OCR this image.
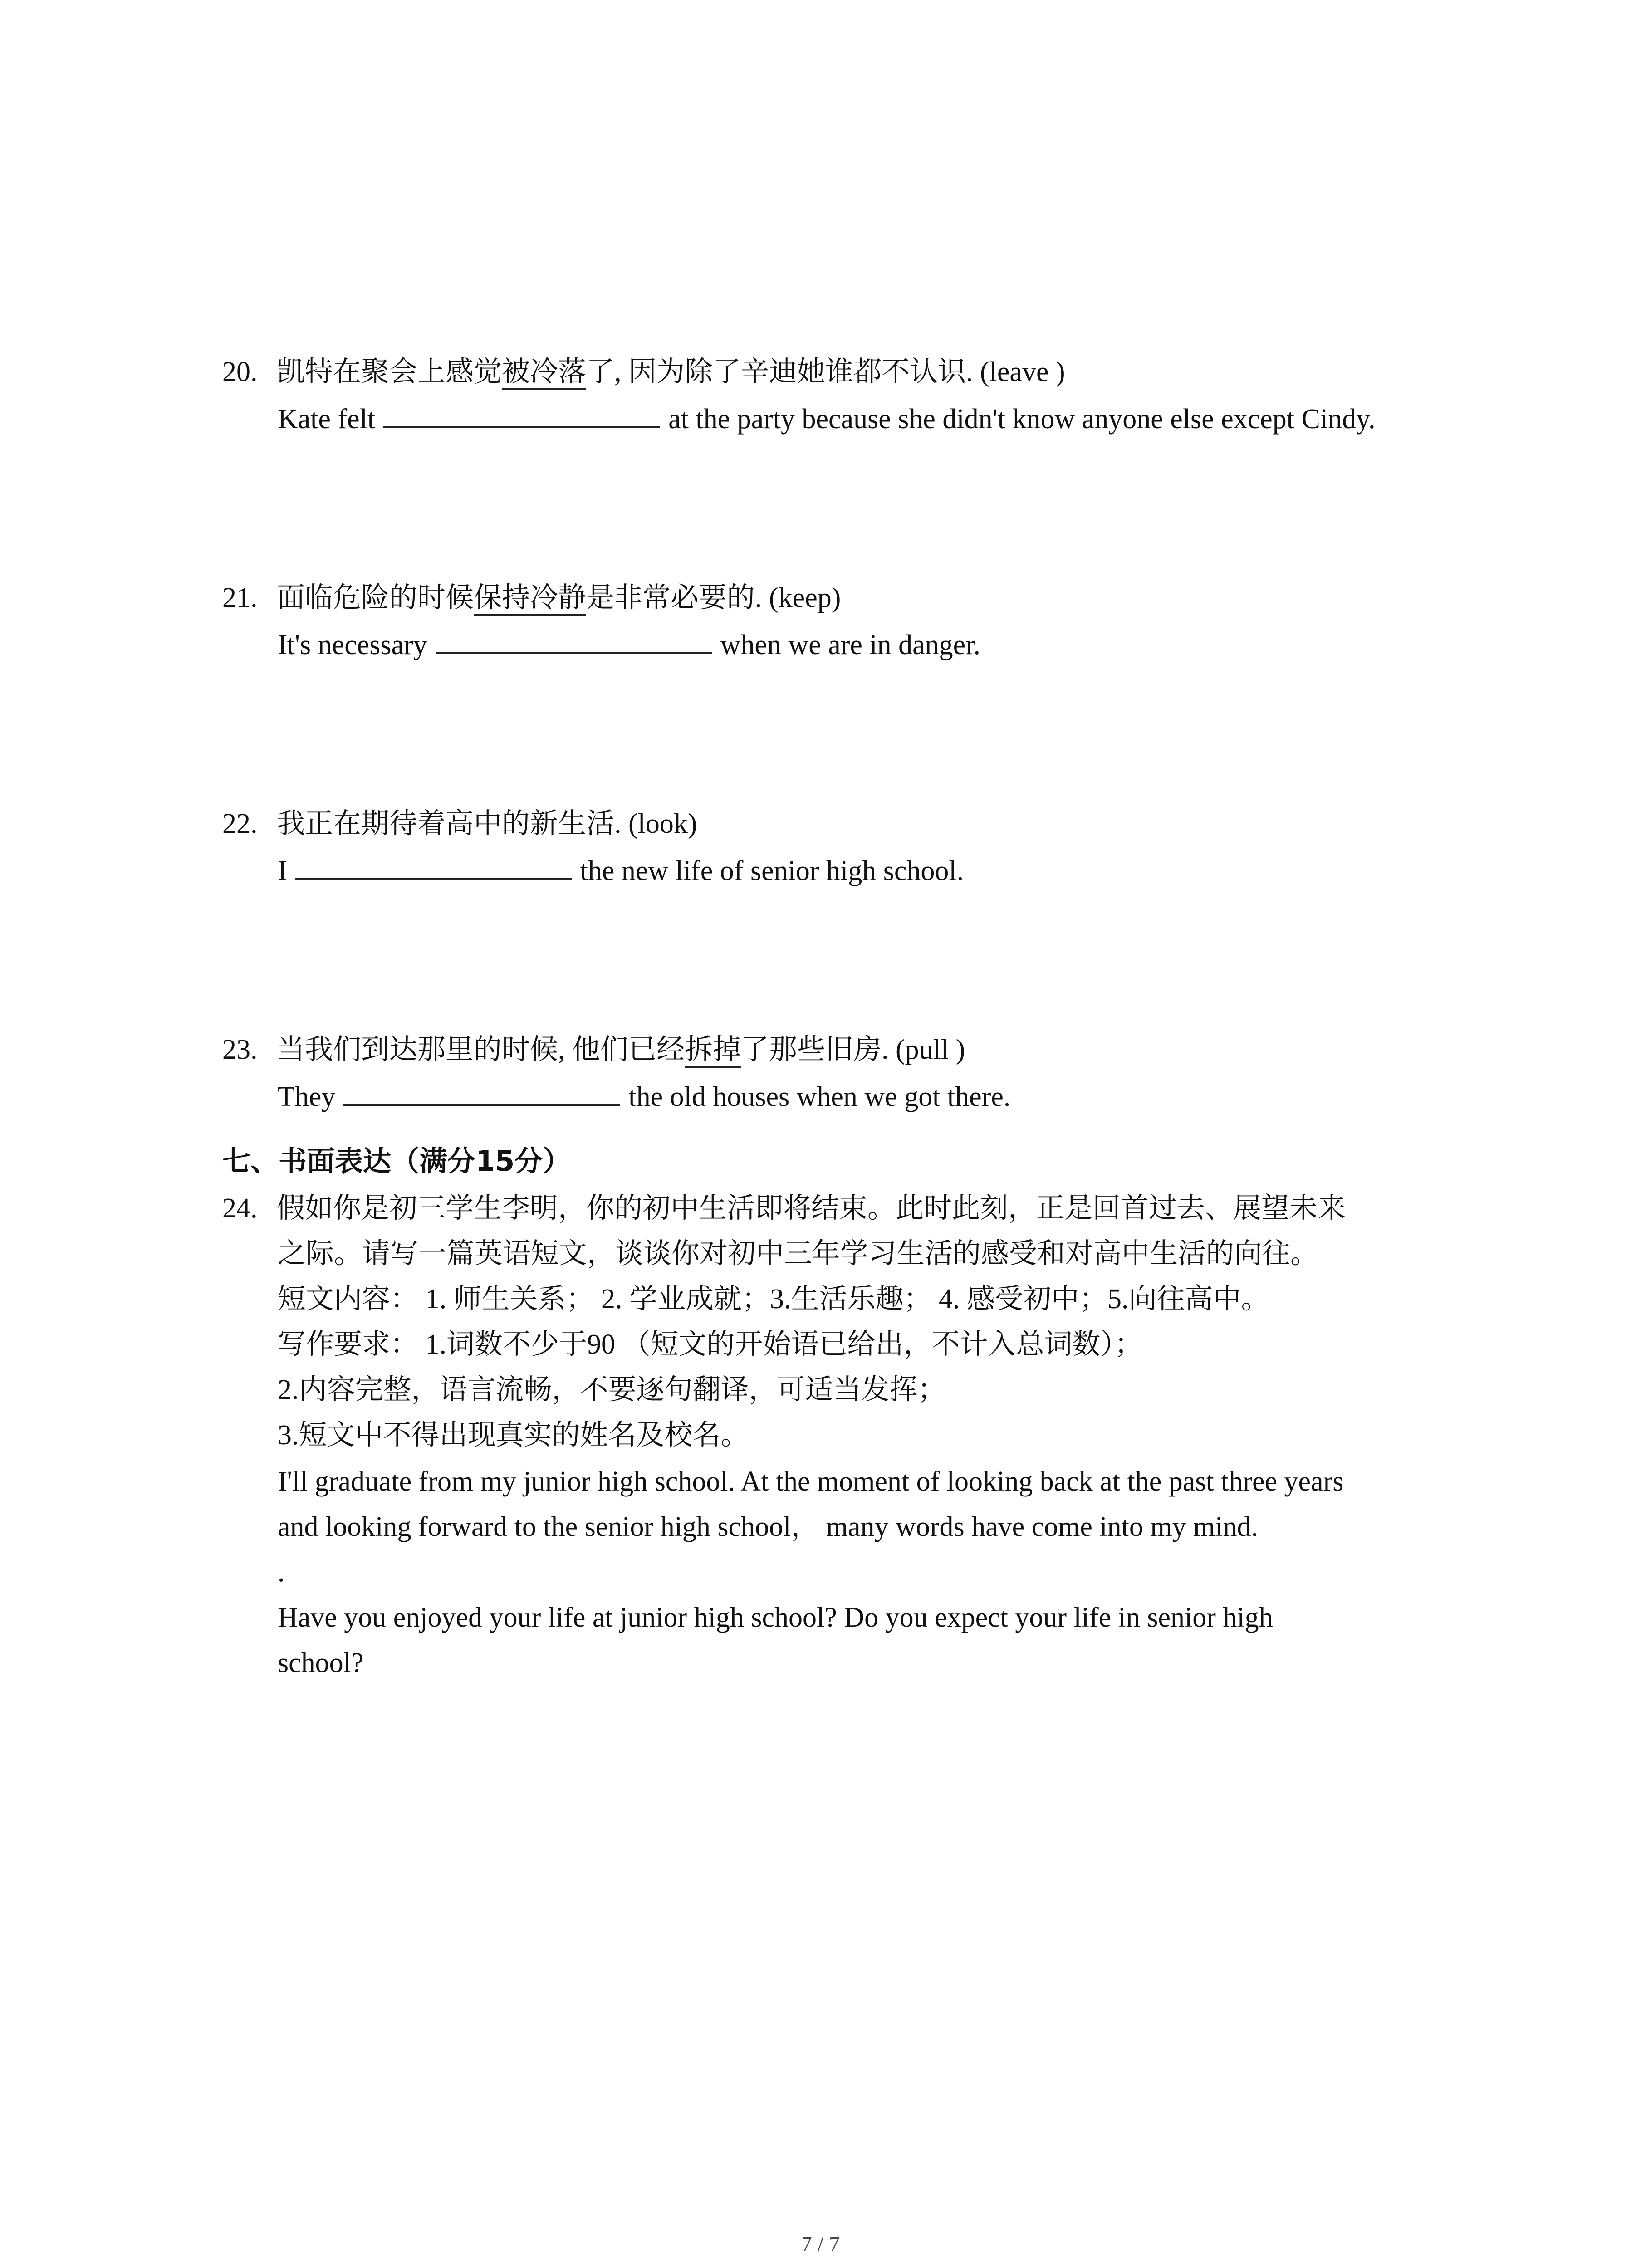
20. 凯特在聚会上感觉被冷落了, 因为除了辛迪她谁都不认识. (leave )
Kate felt	at the party because she didn't know anyone else except Cindy.
21. 面临危险的时候保持冷静是非常必要的. (keep)
It's necessary	when we are in danger.
22. 我正在期待着高中的新生活. (look)
I	the new life of senior high school.
23. 当我们到达那里的时候, 他们已经拆掉了那些旧房. (pull )
They	the old houses when we got there.
七、书面表达（满分15分）
24. 假如你是初三学生李明，你的初中生活即将结束。此时此刻，正是回首过去、展望未来
之际。请写一篇英语短文，谈谈你对初中三年学习生活的感受和对高中生活的向往。
短文内容： 1. 师生关系； 2. 学业成就；3.生活乐趣； 4. 感受初中；5.向往高中。
写作要求： 1.词数不少于90 （短文的开始语已给出，不计入总词数）；
2.内容完整，语言流畅，不要逐句翻译，可适当发挥；
3.短文中不得出现真实的姓名及校名。
I'll graduate from my junior high school. At the moment of looking back at the past three years
and looking forward to the senior high school， many words have come into my mind.
.
Have you enjoyed your life at junior high school? Do you expect your life in senior high
school?
7 / 7
